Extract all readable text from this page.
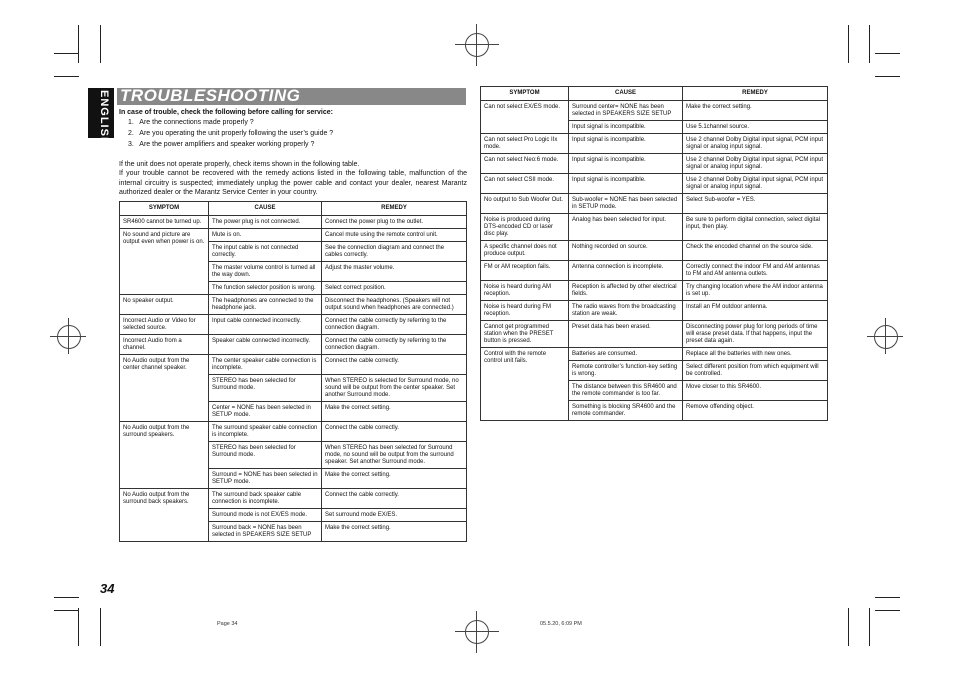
ENGLISH TROUBLESHOOTING
In case of trouble, check the following before calling for service:
1.   Are the connections made properly ?
2.   Are you operating the unit properly following the user’s guide ?
3.   Are the power amplifiers and speaker working properly ?
If the unit does not operate properly, check items shown in the following table.
If your trouble cannot be recovered with the remedy actions listed in the following table, malfunction of the internal circuitry is suspected; immediately unplug the power cable and contact your dealer, nearest Marantz authorized dealer or the Marantz Service Center in your country.
SYMPTOM	CAUSE	REMEDY
SR4600 cannot be turned up.	The power plug is not connected.	Connect the power plug to the outlet.
No sound and picture are output even when power is on.	Mute is on.	Cancel mute using the remote control unit.
	The input cable is not connected correctly.	See the connection diagram and connect the cables correctly.
	The master volume control is turned all the way down.	Adjust the master volume.
	The function selector position is wrong.	Select correct position.
No speaker output.	The headphones are connected to the headphone jack.	Disconnect the headphones. (Speakers will not output sound when headphones are connected.)
Incorrect Audio or Video for selected source.	Input cable connected incorrectly.	Connect the cable correctly by referring to the connection diagram.
Incorrect Audio from a channel.	Speaker cable connected incorrectly.	Connect the cable correctly by referring to the connection diagram.
No Audio output from the center channel speaker.	The center speaker cable connection is incomplete.	Connect the cable correctly.
	STEREO has been selected for Surround mode.	When STEREO is selected for Surround mode, no sound will be output from the center speaker. Set another Surround mode.
	Center = NONE has been selected in SETUP mode.	Make the correct setting.
No Audio output from the surround speakers.	The surround speaker cable connection is incomplete.	Connect the cable correctly.
	STEREO has been selected for Surround mode.	When STEREO has been selected for Surround mode, no sound will be output from the surround speaker. Set another Surround mode.
	Surround = NONE has been selected in SETUP mode.	Make the correct setting.
No Audio output from the surround back speakers.	The surround back speaker cable connection is incomplete.	Connect the cable correctly.
	Surround mode is not EX/ES mode.	Set surround mode EX/ES.
	Surround back = NONE has been selected in SPEAKERS SIZE SETUP	Make the correct setting.
SYMPTOM	CAUSE	REMEDY
Can not select EX/ES mode.	Surround center= NONE has been selected in SPEAKERS SIZE SETUP	Make the correct setting.
	Input signal is incompatible.	Use 5.1channel source.
Can not select Pro Logic IIx mode.	Input signal is incompatible.	Use 2 channel Dolby Digital input signal, PCM input signal or analog input signal.
Can not select Neo:6 mode.	Input signal is incompatible.	Use 2 channel Dolby Digital input signal, PCM input signal or analog input signal.
Can not select CSII mode.	Input signal is incompatible.	Use 2 channel Dolby Digital input signal, PCM input signal or analog input signal.
No output to Sub Woofer Out.	Sub-woofer = NONE has been selected in SETUP mode.	Select Sub-woofer = YES.
Noise is produced during DTS-encoded CD or laser disc play.	Analog has been selected for input.	Be sure to perform digital connection, select digital input, then play.
A specific channel does not produce output.	Nothing recorded on source.	Check the encoded channel on the source side.
FM or AM reception fails.	Antenna connection is incomplete.	Correctly connect the indoor FM and AM antennas to FM and AM antenna outlets.
Noise is heard during AM reception.	Reception is affected by other electrical fields.	Try changing location where the AM indoor antenna is set up.
Noise is heard during FM reception.	The radio waves from the broadcasting station are weak.	Install an FM outdoor antenna.
Cannot get programmed station when the PRESET button is pressed.	Preset data has been erased.	Disconnecting power plug for long periods of time will erase preset data. If that happens, input the preset data again.
Control with the remote control unit fails.	Batteries are consumed.	Replace all the batteries with new ones.
	Remote controller’s function-key setting is wrong.	Select different position from which equipment will be controlled.
	The distance between this SR4600 and the remote commander is too far.	Move closer to this SR4600.
	Something is blocking SR4600 and the remote commander.	Remove offending object.
34
Page 34	05.5.20, 6:09 PM
